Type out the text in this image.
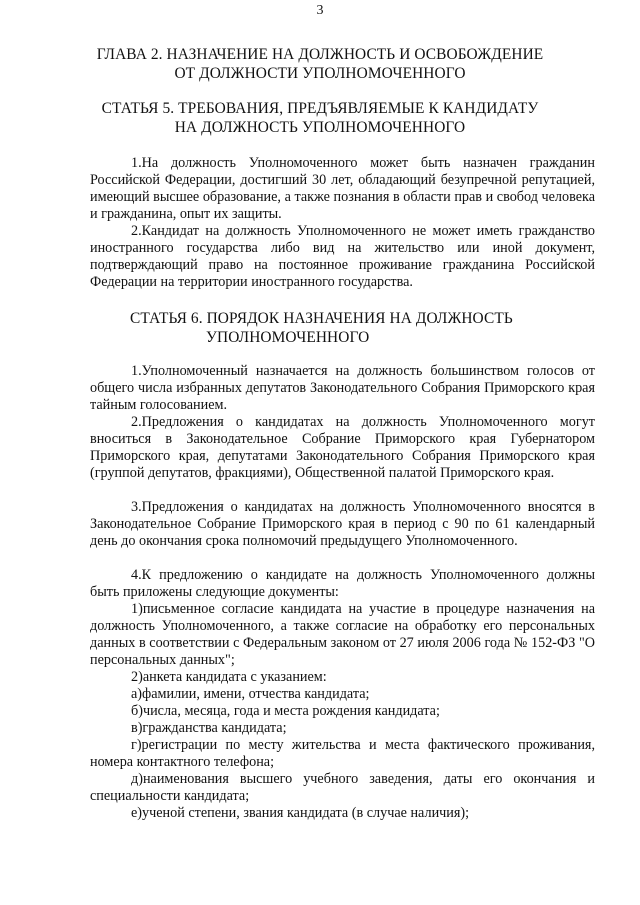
3
ГЛАВА 2. НАЗНАЧЕНИЕ НА ДОЛЖНОСТЬ И ОСВОБОЖДЕНИЕ
ОТ ДОЛЖНОСТИ УПОЛНОМОЧЕННОГО
СТАТЬЯ 5. ТРЕБОВАНИЯ, ПРЕДЪЯВЛЯЕМЫЕ К КАНДИДАТУ
НА ДОЛЖНОСТЬ УПОЛНОМОЧЕННОГО

1.На должность Уполномоченного может быть назначен гражданин Российской Федерации, достигший 30 лет, обладающий безупречной репутацией, имеющий высшее образование, а также познания в области прав и свобод человека и гражданина, опыт их защиты.

2.Кандидат на должность Уполномоченного не может иметь гражданство иностранного государства либо вид на жительство или иной документ, подтверждающий право на постоянное проживание гражданина Российской Федерации на территории иностранного государства.

СТАТЬЯ 6. ПОРЯДОК НАЗНАЧЕНИЯ НА ДОЛЖНОСТЬ
УПОЛНОМОЧЕННОГО

1.Уполномоченный назначается на должность большинством голосов от общего числа избранных депутатов Законодательного Собрания Приморского края тайным голосованием.

2.Предложения о кандидатах на должность Уполномоченного могут вноситься в Законодательное Собрание Приморского края Губернатором Приморского края, депутатами Законодательного Собрания Приморского края (группой депутатов, фракциями), Общественной палатой Приморского края.

3.Предложения о кандидатах на должность Уполномоченного вносятся в Законодательное Собрание Приморского края в период с 90 по 61 календарный день до окончания срока полномочий предыдущего Уполномоченного.

4.К предложению о кандидате на должность Уполномоченного должны быть приложены следующие документы:

1)письменное согласие кандидата на участие в процедуре назначения на должность Уполномоченного, а также согласие на обработку его персональных данных в соответствии с Федеральным законом от 27 июля 2006 года № 152-ФЗ "О персональных данных";

2)анкета кандидата с указанием:

а)фамилии, имени, отчества кандидата;

б)числа, месяца, года и места рождения кандидата;

в)гражданства кандидата;

г)регистрации по месту жительства и места фактического проживания, номера контактного телефона;

д)наименования высшего учебного заведения, даты его окончания и специальности кандидата;

е)ученой степени, звания кандидата (в случае наличия);
